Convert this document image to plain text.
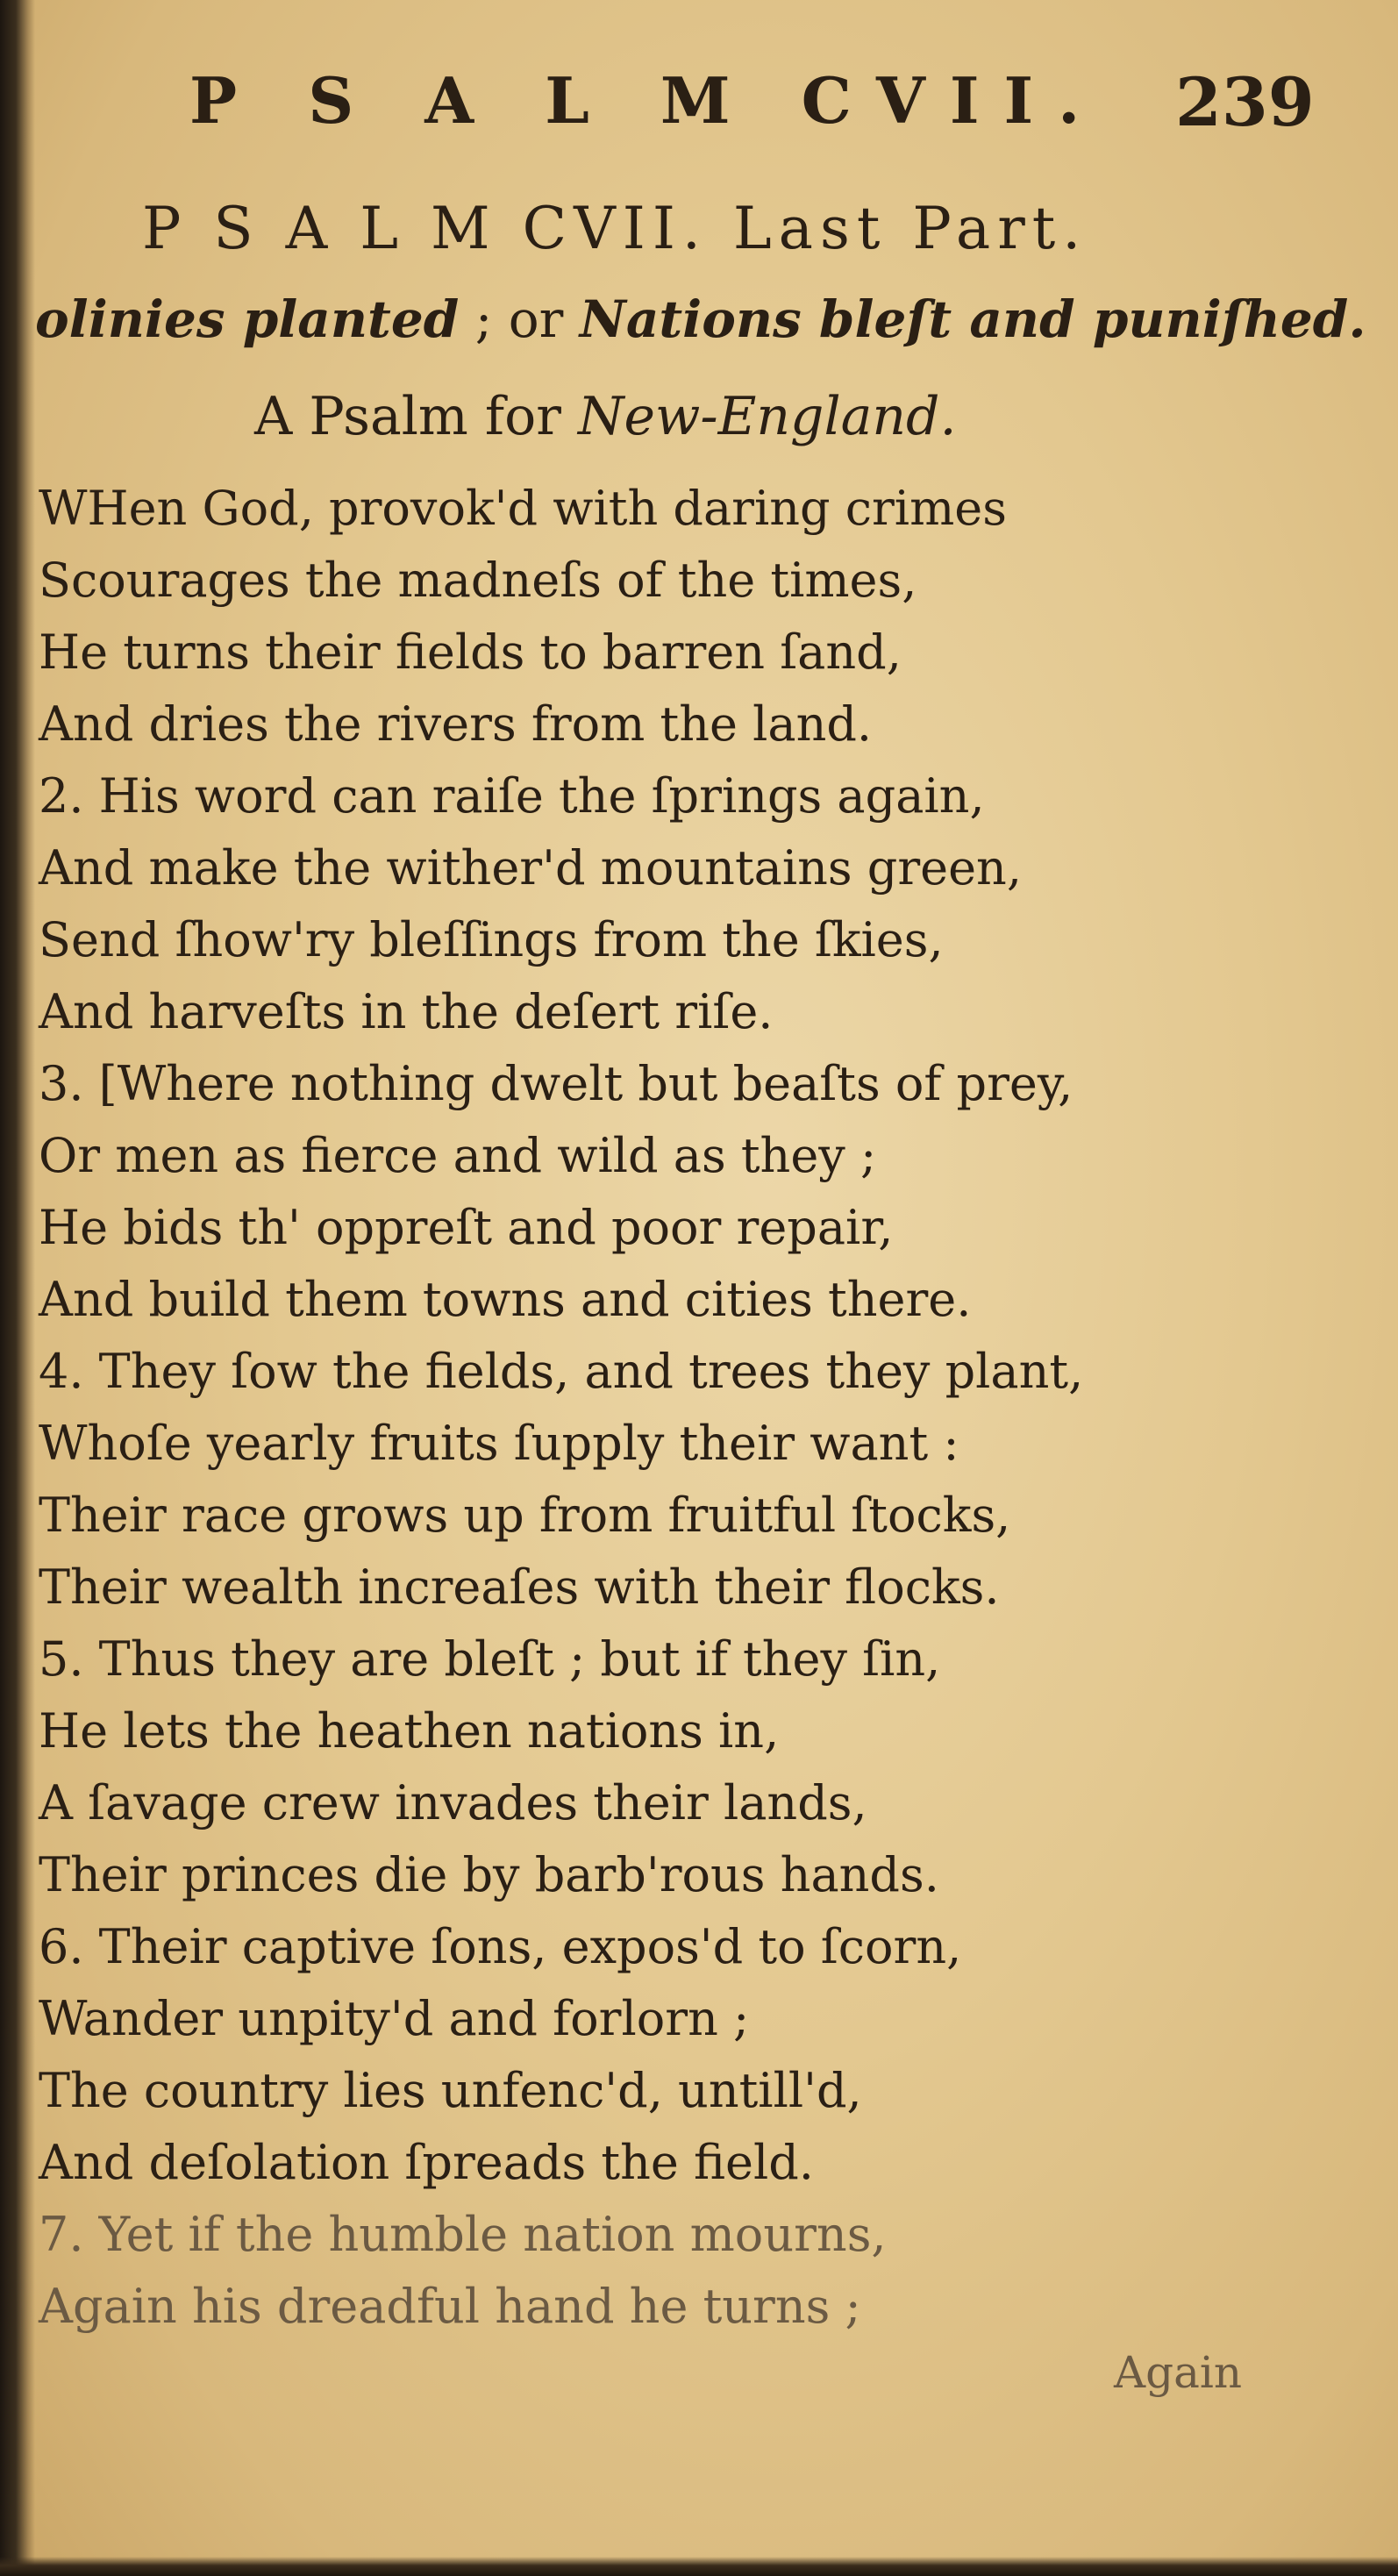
P S A L M CVII. 239
P S A L M CVII. Last Part.
olinies planted ; or Nations bleſt and puniſhed.
A Psalm for New-England.
WHen God, provok'd with daring crimes
Scourages the madneſs of the times,
He turns their fields to barren ſand,
And dries the rivers from the land.
2. His word can raiſe the ſprings again,
And make the wither'd mountains green,
Send ſhow'ry bleſſings from the ſkies,
And harveſts in the deſert riſe.
3. [Where nothing dwelt but beaſts of prey,
Or men as fierce and wild as they ;
He bids th' oppreſt and poor repair,
And build them towns and cities there.
4. They ſow the fields, and trees they plant,
Whoſe yearly fruits ſupply their want :
Their race grows up from fruitful ſtocks,
Their wealth increaſes with their flocks.
5. Thus they are bleſt ; but if they ſin,
He lets the heathen nations in,
A ſavage crew invades their lands,
Their princes die by barb'rous hands.
6. Their captive ſons, expos'd to ſcorn,
Wander unpity'd and forlorn ;
The country lies unfenc'd, untill'd,
And deſolation ſpreads the field.
7. Yet if the humble nation mourns,
Again his dreadful hand he turns ;
Again
